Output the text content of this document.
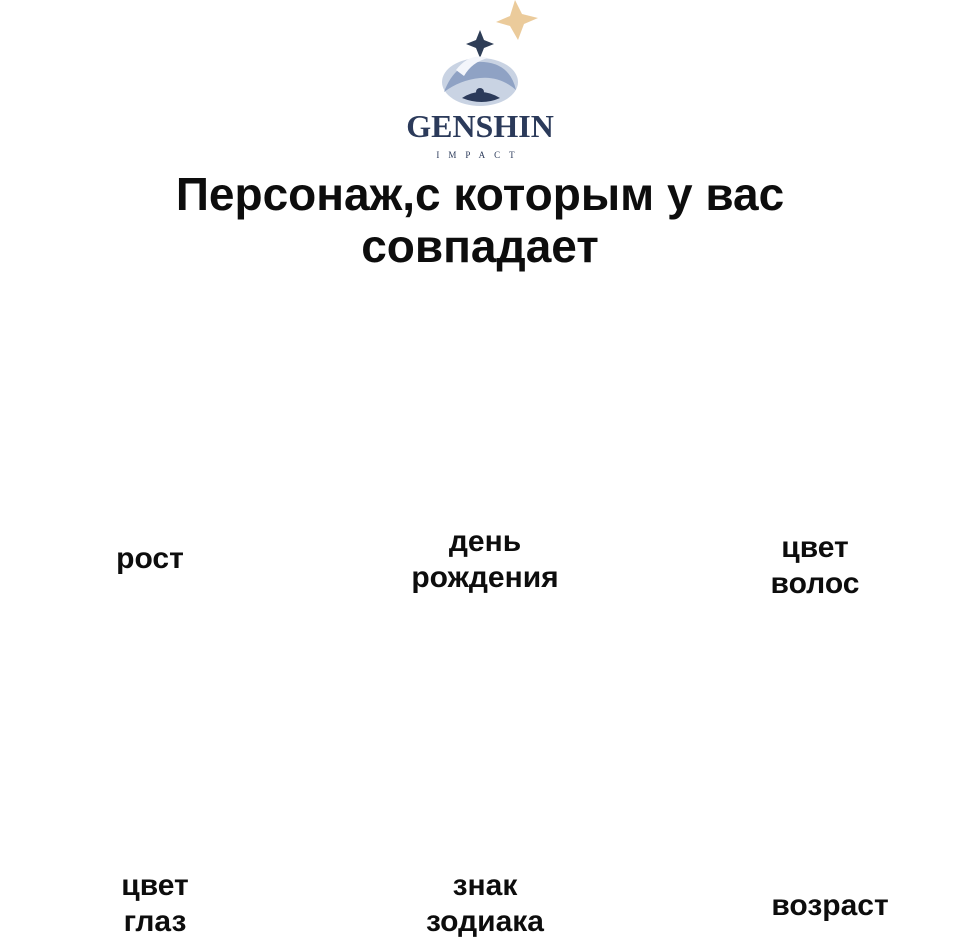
GENSHIN
IMPACT
Персонаж,с которым у вас совпадает
рост
день
рождения
цвет
волос
цвет
глаз
знак
зодиака	возраст
